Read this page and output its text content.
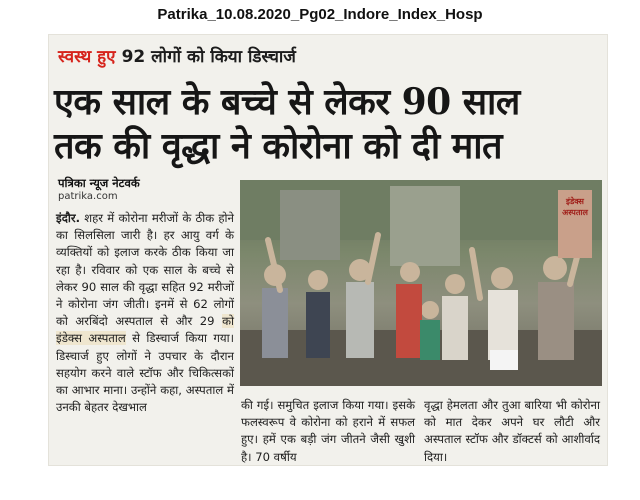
Patrika_10.08.2020_Pg02_Indore_Index_Hosp
स्वस्थ हुए 92 लोगों को किया डिस्चार्ज
एक साल के बच्चे से लेकर 90 साल
तक की वृद्धा ने कोरोना को दी मात
पत्रिका न्यूज नेटवर्क
patrika.com
इंदौर. शहर में कोरोना मरीजों के ठीक होने का सिलसिला जारी है। हर आयु वर्ग के व्यक्तियों को इलाज करके ठीक किया जा रहा है। रविवार को एक साल के बच्चे से लेकर 90 साल की वृद्धा सहित 92 मरीजों ने कोरोना जंग जीती। इनमें से 62 लोगों को अरबिंदो अस्पताल से और 29 को इंडेक्स अस्पताल से डिस्चार्ज किया गया। डिस्चार्ज हुए लोगों ने उपचार के दौरान सहयोग करने वाले स्टॉफ और चिकित्सकों का आभार माना। उन्होंने कहा, अस्पताल में उनकी बेहतर देखभाल
इंडेक्स अस्पताल
की गई। समुचित इलाज किया गया। इसके फलस्वरूप वे कोरोना को हराने में सफल हुए। हमें एक बड़ी जंग जीतने जैसी खुशी है। 70 वर्षीय
वृद्धा हेमलता और तुआ बारिया भी कोरोना को मात देकर अपने घर लौटी और अस्पताल स्टॉफ और डॉक्टर्स को आशीर्वाद दिया।
